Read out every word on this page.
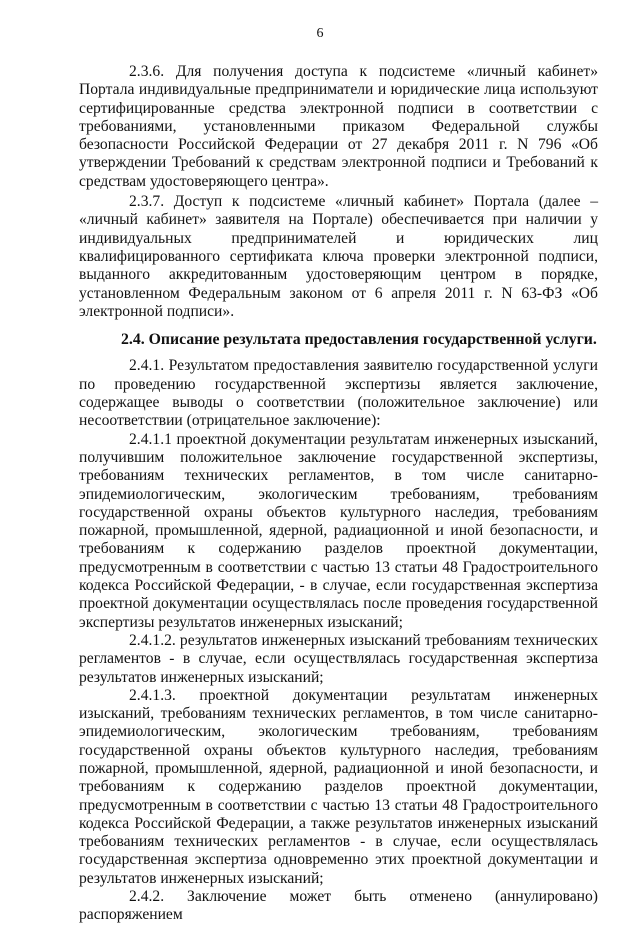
6

2.3.6. Для получения доступа к подсистеме «личный кабинет» Портала индивидуальные предприниматели и юридические лица используют сертифицированные средства электронной подписи в соответствии с требованиями, установленными приказом Федеральной службы безопасности Российской Федерации от 27 декабря 2011 г. N 796 «Об утверждении Требований к средствам электронной подписи и Требований к средствам удостоверяющего центра».

2.3.7. Доступ к подсистеме «личный кабинет» Портала (далее – «личный кабинет» заявителя на Портале) обеспечивается при наличии у индивидуальных предпринимателей и юридических лиц квалифицированного сертификата ключа проверки электронной подписи, выданного аккредитованным удостоверяющим центром в порядке, установленном Федеральным законом от 6 апреля 2011 г. N 63-ФЗ «Об электронной подписи».

2.4. Описание результата предоставления государственной услуги.

2.4.1. Результатом предоставления заявителю государственной услуги по проведению государственной экспертизы является заключение, содержащее выводы о соответствии (положительное заключение) или несоответствии (отрицательное заключение):

2.4.1.1 проектной документации результатам инженерных изысканий, получившим положительное заключение государственной экспертизы, требованиям технических регламентов, в том числе санитарно-эпидемиологическим, экологическим требованиям, требованиям государственной охраны объектов культурного наследия, требованиям пожарной, промышленной, ядерной, радиационной и иной безопасности, и требованиям к содержанию разделов проектной документации, предусмотренным в соответствии с частью 13 статьи 48 Градостроительного кодекса Российской Федерации, - в случае, если государственная экспертиза проектной документации осуществлялась после проведения государственной экспертизы результатов инженерных изысканий;

2.4.1.2. результатов инженерных изысканий требованиям технических регламентов - в случае, если осуществлялась государственная экспертиза результатов инженерных изысканий;

2.4.1.3. проектной документации результатам инженерных изысканий, требованиям технических регламентов, в том числе санитарно-эпидемиологическим, экологическим требованиям, требованиям государственной охраны объектов культурного наследия, требованиям пожарной, промышленной, ядерной, радиационной и иной безопасности, и требованиям к содержанию разделов проектной документации, предусмотренным в соответствии с частью 13 статьи 48 Градостроительного кодекса Российской Федерации, а также результатов инженерных изысканий требованиям технических регламентов - в случае, если осуществлялась государственная экспертиза одновременно этих проектной документации и результатов инженерных изысканий;

2.4.2. Заключение может быть отменено (аннулировано) распоряжением
